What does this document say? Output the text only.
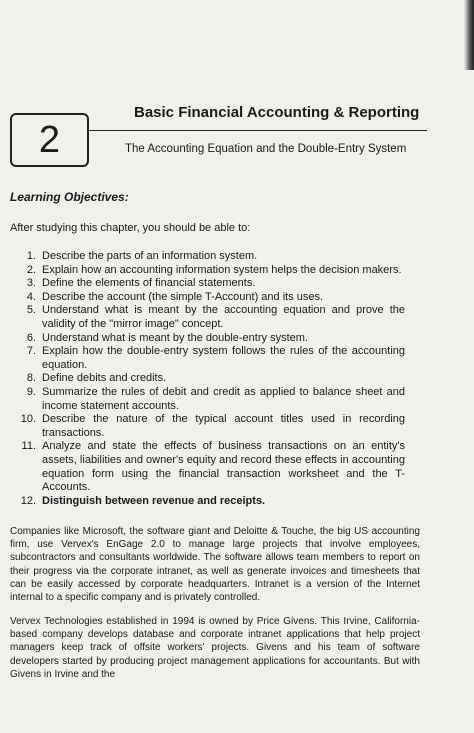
2
Basic Financial Accounting & Reporting
The Accounting Equation and the Double-Entry System
Learning Objectives:
After studying this chapter, you should be able to:
1. Describe the parts of an information system.
2. Explain how an accounting information system helps the decision makers.
3. Define the elements of financial statements.
4. Describe the account (the simple T-Account) and its uses.
5. Understand what is meant by the accounting equation and prove the validity of the "mirror image" concept.
6. Understand what is meant by the double-entry system.
7. Explain how the double-entry system follows the rules of the accounting equation.
8. Define debits and credits.
9. Summarize the rules of debit and credit as applied to balance sheet and income statement accounts.
10. Describe the nature of the typical account titles used in recording transactions.
11. Analyze and state the effects of business transactions on an entity's assets, liabilities and owner's equity and record these effects in accounting equation form using the financial transaction worksheet and the T-Accounts.
12. Distinguish between revenue and receipts.

Companies like Microsoft, the software giant and Deloitte & Touche, the big US accounting firm, use Vervex's EnGage 2.0 to manage large projects that involve employees, subcontractors and consultants worldwide. The software allows team members to report on their progress via the corporate intranet, as well as generate invoices and timesheets that can be easily accessed by corporate headquarters. Intranet is a version of the Internet internal to a specific company and is privately controlled.

Vervex Technologies established in 1994 is owned by Price Givens. This Irvine, California-based company develops database and corporate intranet applications that help project managers keep track of offsite workers' projects. Givens and his team of software developers started by producing project management applications for accountants. But with Givens in Irvine and the
